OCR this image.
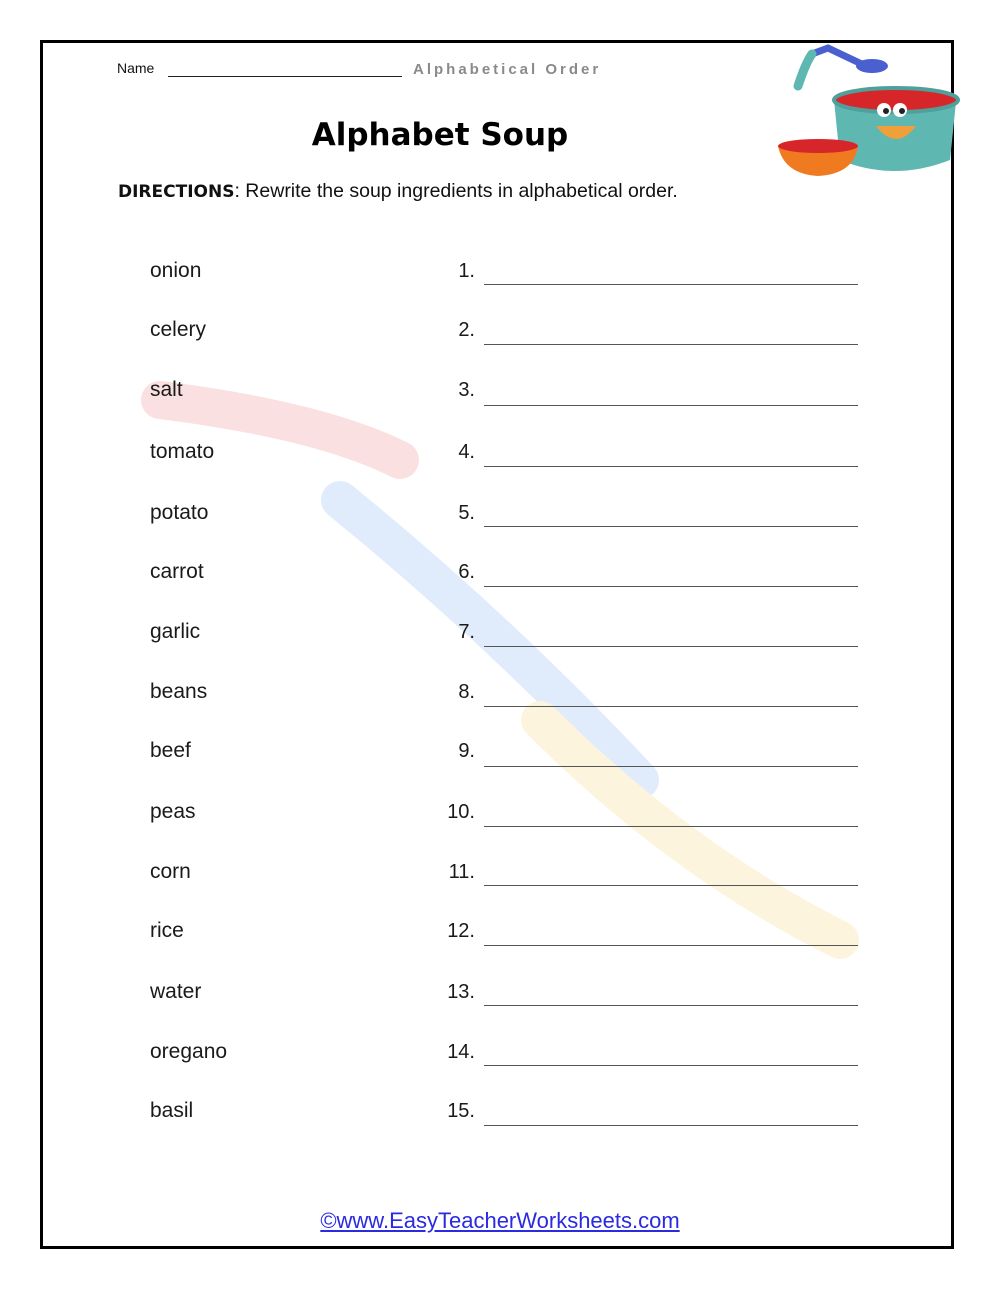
Name	Alphabetical Order
Alphabet Soup
DIRECTIONS: Rewrite the soup ingredients in alphabetical order.
onion
celery
salt
tomato
potato
carrot
garlic
beans
beef
peas
corn
rice
water
oregano
basil
1.
2.
3.
4.
5.
6.
7.
8.
9.
10.
11.
12.
13.
14.
15.
©www.EasyTeacherWorksheets.com
